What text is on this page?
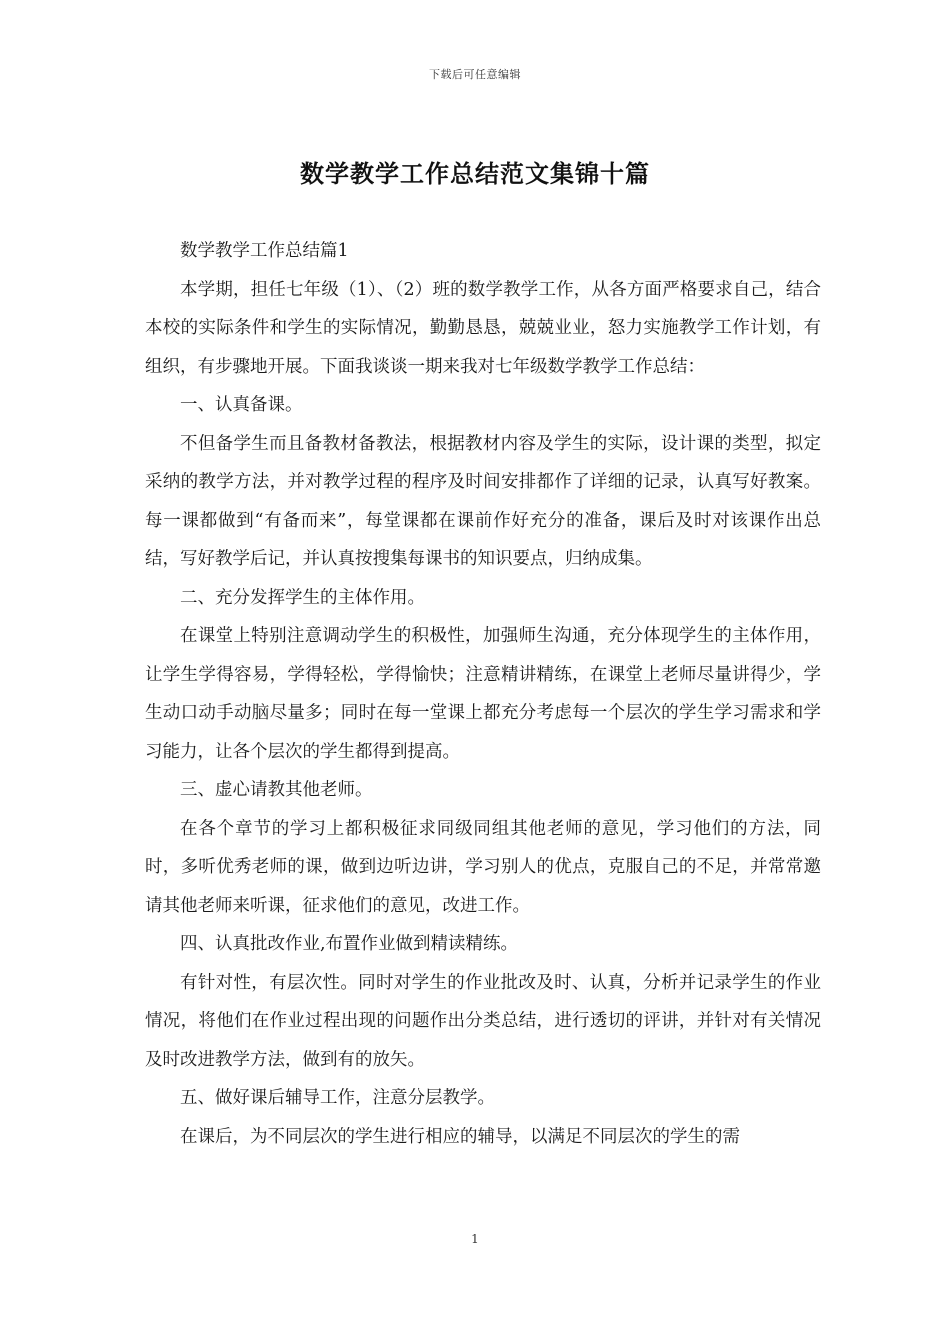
下载后可任意编辑
数学教学工作总结范文集锦十篇

数学教学工作总结篇1

本学期，担任七年级（1）、（2）班的数学教学工作，从各方面严格要求自己，结合本校的实际条件和学生的实际情况，勤勤恳恳，兢兢业业，怒力实施教学工作计划，有组织，有步骤地开展。下面我谈谈一期来我对七年级数学教学工作总结：

一、认真备课。

不但备学生而且备教材备教法，根据教材内容及学生的实际，设计课的类型，拟定采纳的教学方法，并对教学过程的程序及时间安排都作了详细的记录，认真写好教案。每一课都做到“有备而来”，每堂课都在课前作好充分的准备，课后及时对该课作出总结，写好教学后记，并认真按搜集每课书的知识要点，归纳成集。

二、充分发挥学生的主体作用。

在课堂上特别注意调动学生的积极性，加强师生沟通，充分体现学生的主体作用，让学生学得容易，学得轻松，学得愉快；注意精讲精练，在课堂上老师尽量讲得少，学生动口动手动脑尽量多；同时在每一堂课上都充分考虑每一个层次的学生学习需求和学习能力，让各个层次的学生都得到提高。

三、虚心请教其他老师。

在各个章节的学习上都积极征求同级同组其他老师的意见，学习他们的方法，同时，多听优秀老师的课，做到边听边讲，学习别人的优点，克服自己的不足，并常常邀请其他老师来听课，征求他们的意见，改进工作。

四、认真批改作业,布置作业做到精读精练。

有针对性，有层次性。同时对学生的作业批改及时、认真，分析并记录学生的作业情况，将他们在作业过程出现的问题作出分类总结，进行透切的评讲，并针对有关情况及时改进教学方法，做到有的放矢。

五、做好课后辅导工作，注意分层教学。

在课后，为不同层次的学生进行相应的辅导，以满足不同层次的学生的需

1
